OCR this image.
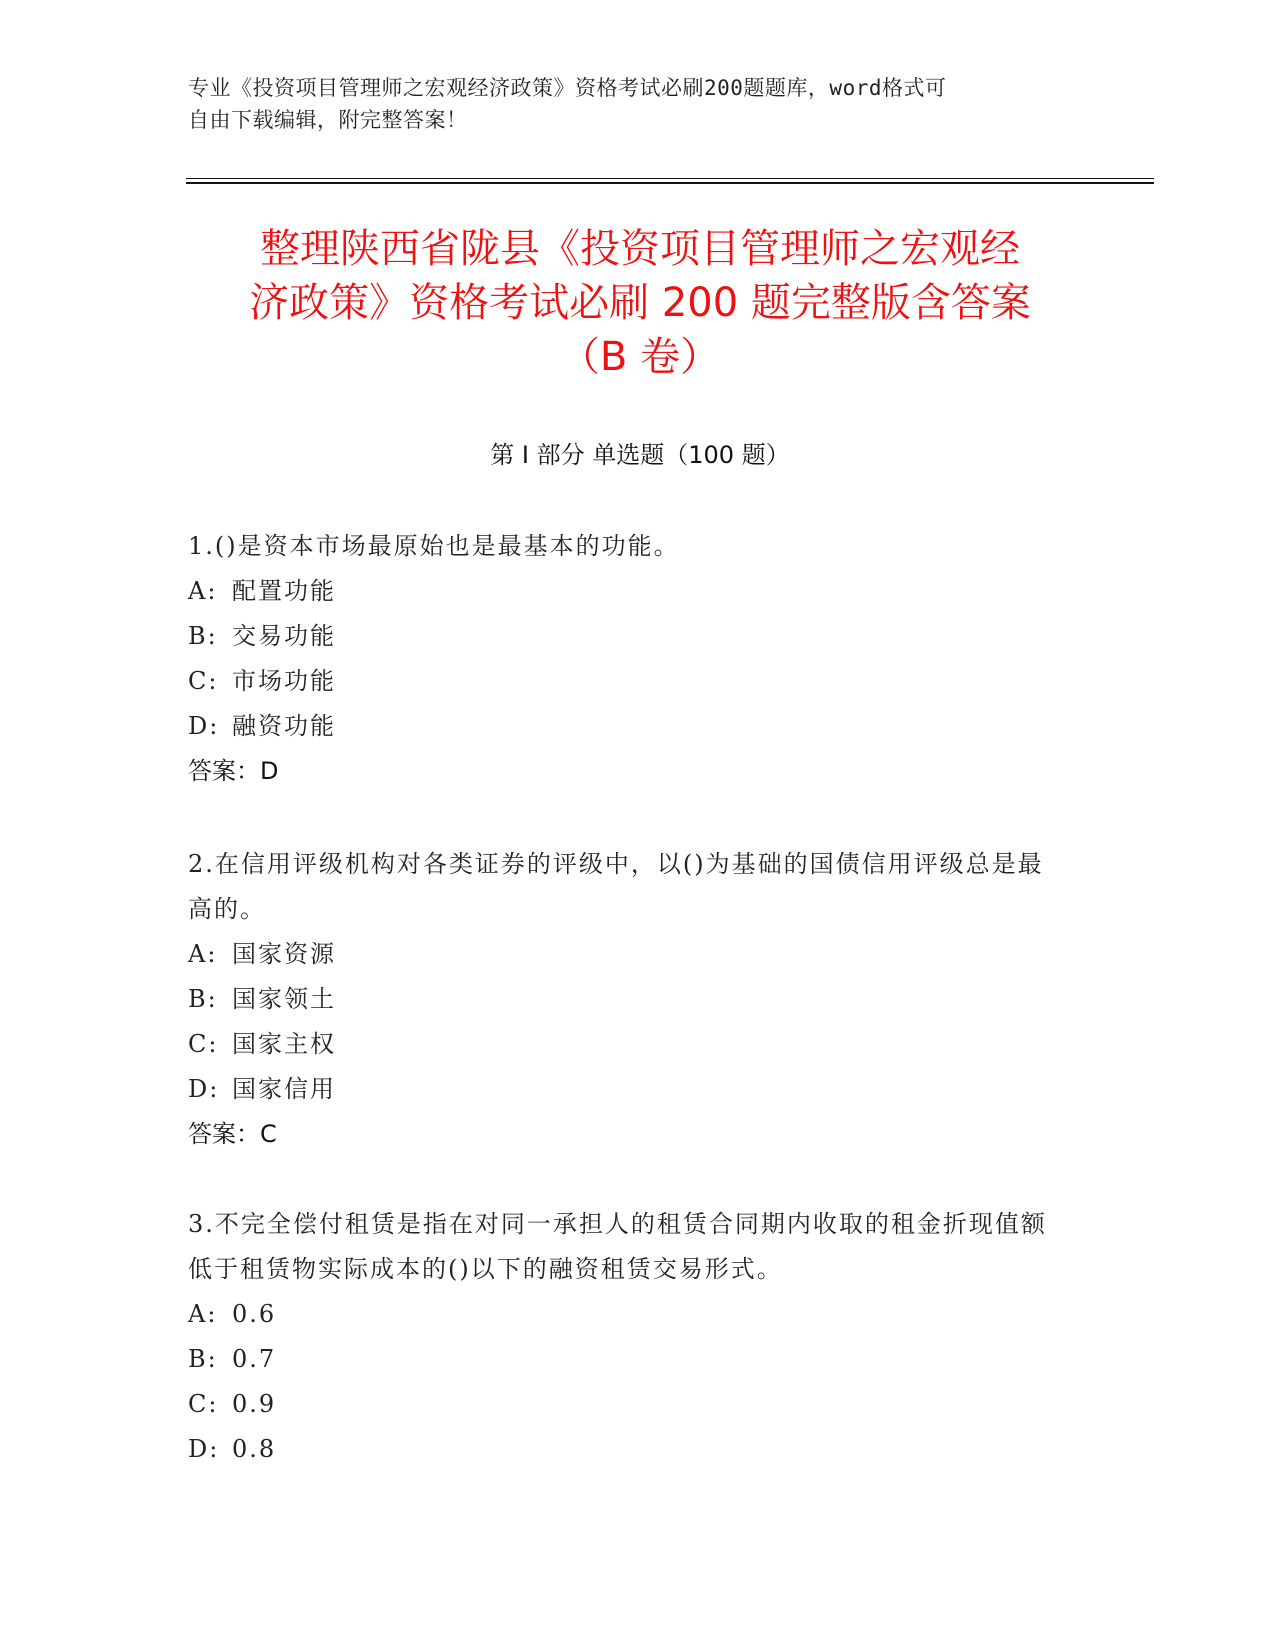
专业《投资项目管理师之宏观经济政策》资格考试必刷200题题库，word格式可
自由下载编辑，附完整答案！
整理陕西省陇县《投资项目管理师之宏观经
济政策》资格考试必刷 200 题完整版含答案
（B 卷）
第 I 部分 单选题（100 题）
1.()是资本市场最原始也是最基本的功能。
A: 配置功能
B: 交易功能
C: 市场功能
D: 融资功能
答案：D
2.在信用评级机构对各类证券的评级中，以()为基础的国债信用评级总是最高的。
A: 国家资源
B: 国家领土
C: 国家主权
D: 国家信用
答案：C
3.不完全偿付租赁是指在对同一承担人的租赁合同期内收取的租金折现值额低于租赁物实际成本的()以下的融资租赁交易形式。
A: 0.6
B: 0.7
C: 0.9
D: 0.8
